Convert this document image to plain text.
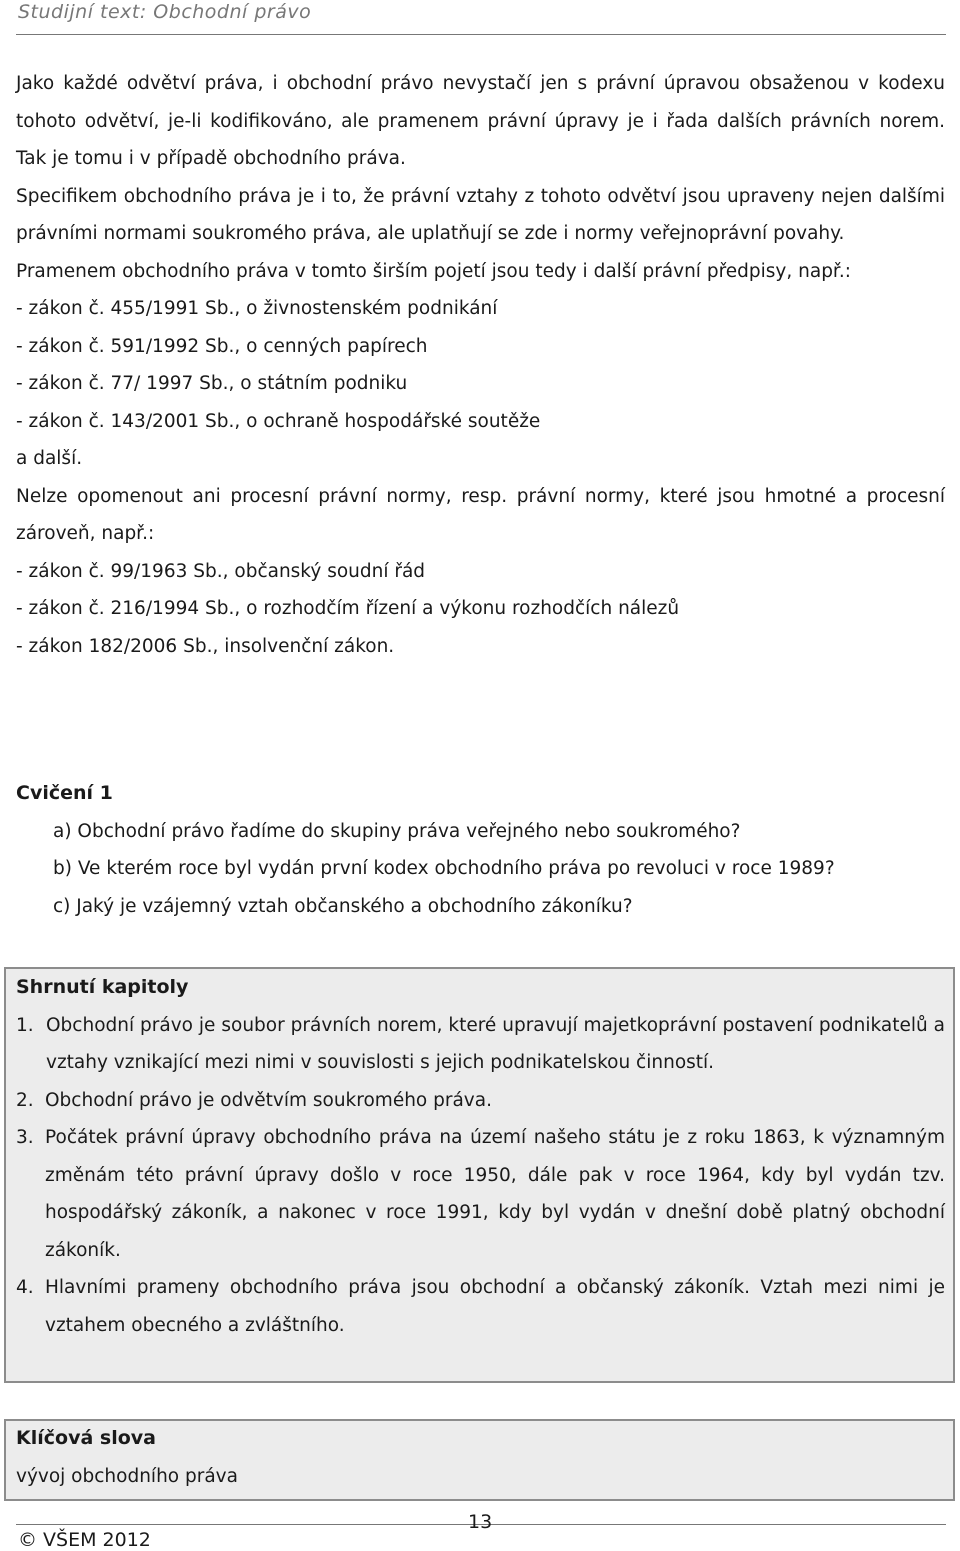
Studijní text: Obchodní právo

Jako každé odvětví práva, i obchodní právo nevystačí jen s právní úpravou obsaženou v kodexu tohoto odvětví, je-li kodifikováno, ale pramenem právní úpravy je i řada dalších právních norem. Tak je tomu i v případě obchodního práva.

Specifikem obchodního práva je i to, že právní vztahy z tohoto odvětví jsou upraveny nejen dalšími právními normami soukromého práva, ale uplatňují se zde i normy veřejnoprávní povahy.

Pramenem obchodního práva v tomto širším pojetí jsou tedy i další právní předpisy, např.:

- zákon č. 455/1991 Sb., o živnostenském podnikání

- zákon č. 591/1992 Sb., o cenných papírech

- zákon č. 77/ 1997 Sb., o státním podniku

- zákon č. 143/2001 Sb., o ochraně hospodářské soutěže

a další.

Nelze opomenout ani procesní právní normy, resp. právní normy, které jsou hmotné a procesní zároveň, např.:

- zákon č. 99/1963 Sb., občanský soudní řád

- zákon č. 216/1994 Sb., o rozhodčím řízení a výkonu rozhodčích nálezů

- zákon 182/2006 Sb., insolvenční zákon.

Cvičení 1

a) Obchodní právo řadíme do skupiny práva veřejného nebo soukromého?

b) Ve kterém roce byl vydán první kodex obchodního práva po revoluci v roce 1989?

c) Jaký je vzájemný vztah občanského a obchodního zákoníku?

Shrnutí kapitoly

1. Obchodní právo je soubor právních norem, které upravují majetkoprávní postavení podnikatelů a vztahy vznikající mezi nimi v souvislosti s jejich podnikatelskou činností.
2. Obchodní právo je odvětvím soukromého práva.
3. Počátek právní úpravy obchodního práva na území našeho státu je z roku 1863, k významným změnám této právní úpravy došlo v roce 1950, dále pak v roce 1964, kdy byl vydán tzv. hospodářský zákoník, a nakonec v roce 1991, kdy byl vydán v dnešní době platný obchodní zákoník.
4. Hlavními prameny obchodního práva jsou obchodní a občanský zákoník. Vztah mezi nimi je vztahem obecného a zvláštního.

Klíčová slova

vývoj obchodního práva

© VŠEM 2012
13
